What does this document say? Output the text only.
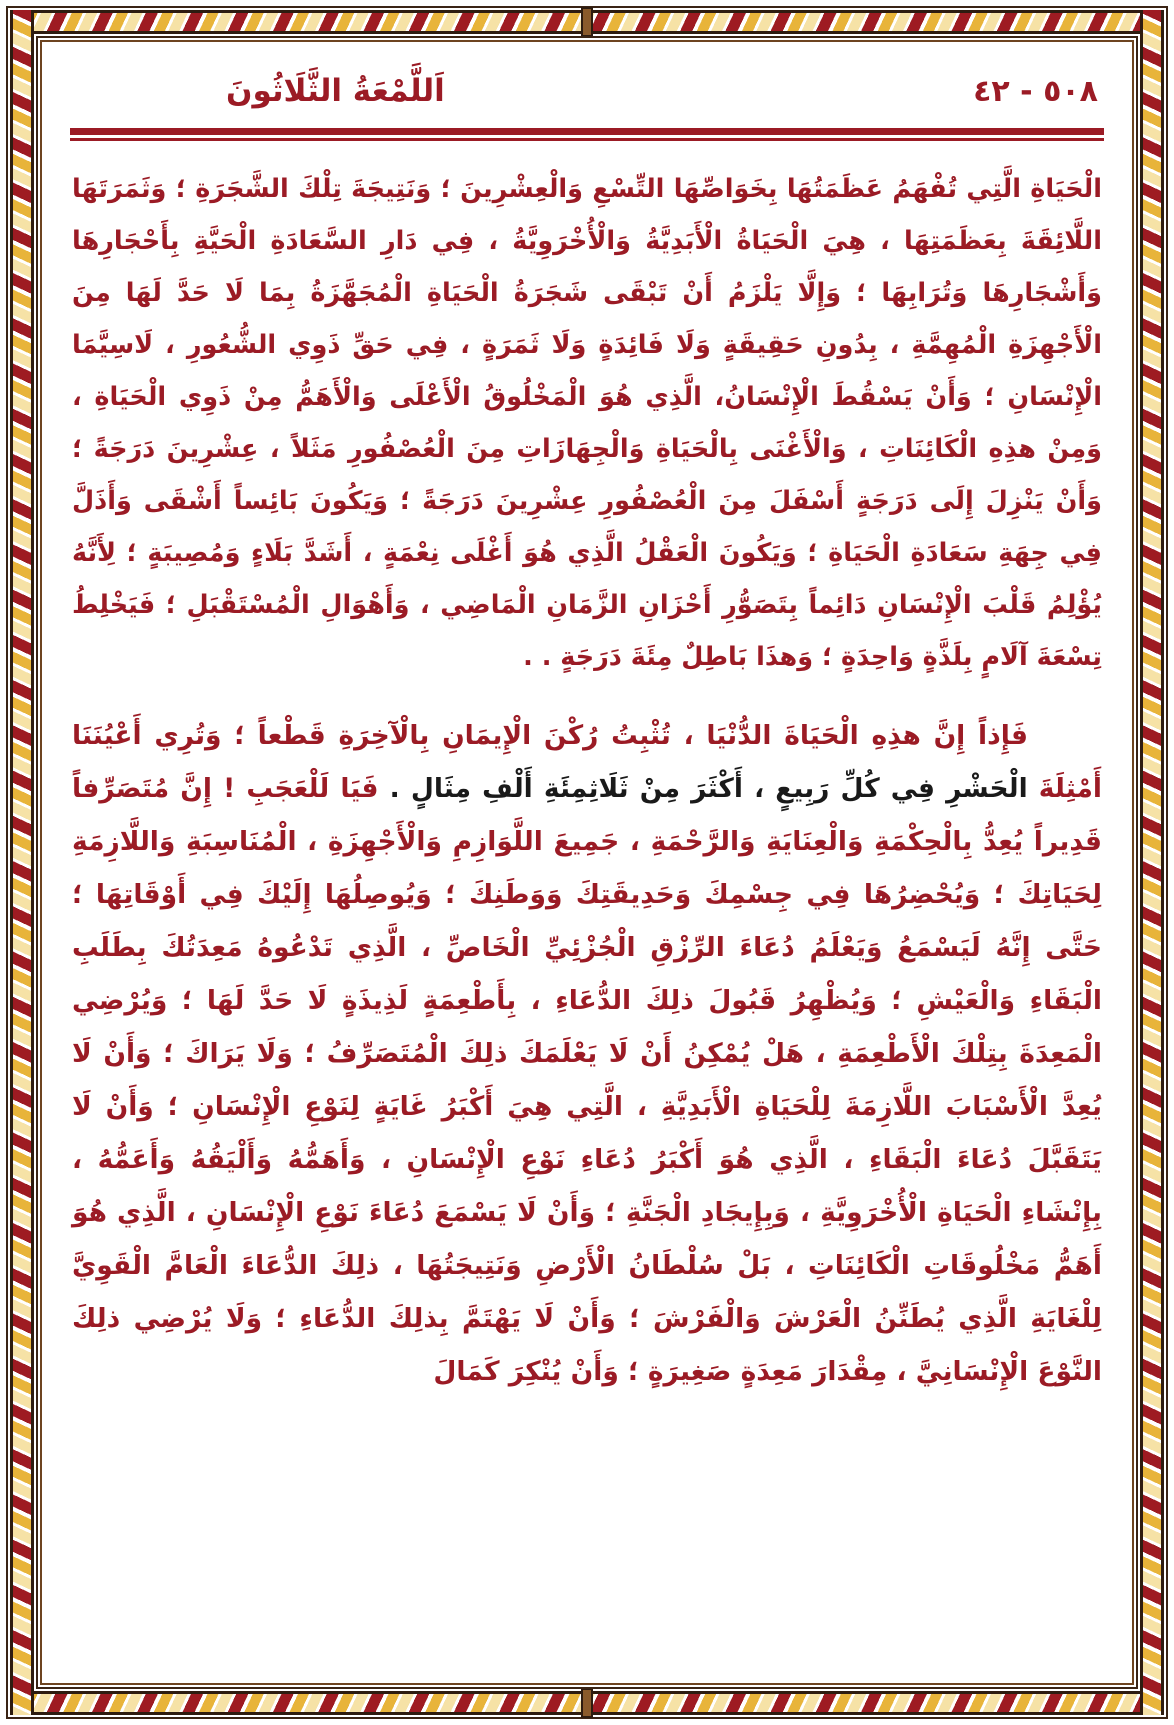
٥٠٨ - ٤٢
اَللَّمْعَةُ الثَّلَاثُونَ

الْحَيَاةِ الَّتِي تُفْهَمُ عَظَمَتُهَا بِخَوَاصِّهَا التِّسْعِ وَالْعِشْرِينَ ؛ وَنَتِيجَةَ تِلْكَ الشَّجَرَةِ ؛ وَثَمَرَتَهَا اللَّائِقَةَ بِعَظَمَتِهَا ، هِيَ الْحَيَاةُ الْأَبَدِيَّةُ وَالْأُخْرَوِيَّةُ ، فِي دَارِ السَّعَادَةِ الْحَيَّةِ بِأَحْجَارِهَا وَأَشْجَارِهَا وَتُرَابِهَا ؛ وَإِلَّا يَلْزَمُ أَنْ تَبْقَى شَجَرَةُ الْحَيَاةِ الْمُجَهَّزَةُ بِمَا لَا حَدَّ لَهَا مِنَ الْأَجْهِزَةِ الْمُهِمَّةِ ، بِدُونِ حَقِيقَةٍ وَلَا فَائِدَةٍ وَلَا ثَمَرَةٍ ، فِي حَقِّ ذَوِي الشُّعُورِ ، لَاسِيَّمَا الْإِنْسَانِ ؛ وَأَنْ يَسْقُطَ الْإِنْسَانُ، الَّذِي هُوَ الْمَخْلُوقُ الْأَعْلَى وَالْأَهَمُّ مِنْ ذَوِي الْحَيَاةِ ، وَمِنْ هذِهِ الْكَائِنَاتِ ، وَالْأَغْنَى بِالْحَيَاةِ وَالْجِهَازَاتِ مِنَ الْعُصْفُورِ مَثَلاً ، عِشْرِينَ دَرَجَةً ؛ وَأَنْ يَنْزِلَ إِلَى دَرَجَةٍ أَسْفَلَ مِنَ الْعُصْفُورِ عِشْرِينَ دَرَجَةً ؛ وَيَكُونَ بَائِساً أَشْقَى وَأَذَلَّ فِي جِهَةِ سَعَادَةِ الْحَيَاةِ ؛ وَيَكُونَ الْعَقْلُ الَّذِي هُوَ أَغْلَى نِعْمَةٍ ، أَشَدَّ بَلَاءٍ وَمُصِيبَةٍ ؛ لِأَنَّهُ يُؤْلِمُ قَلْبَ الْإِنْسَانِ دَائِماً بِتَصَوُّرِ أَحْزَانِ الزَّمَانِ الْمَاضِي ، وَأَهْوَالِ الْمُسْتَقْبَلِ ؛ فَيَخْلِطُ تِسْعَةَ آلَامٍ بِلَذَّةٍ وَاحِدَةٍ ؛ وَهذَا بَاطِلٌ مِئَةَ دَرَجَةٍ . .

فَإِذاً إِنَّ هذِهِ الْحَيَاةَ الدُّنْيَا ، تُثْبِتُ رُكْنَ الْإِيمَانِ بِالْآخِرَةِ قَطْعاً ؛ وَتُرِي أَعْيُنَنَا أَمْثِلَةَ الْحَشْرِ فِي كُلِّ رَبِيعٍ ، أَكْثَرَ مِنْ ثَلَاثِمِئَةِ أَلْفِ مِثَالٍ . فَيَا لَلْعَجَبِ ! إِنَّ مُتَصَرِّفاً قَدِيراً يُعِدُّ بِالْحِكْمَةِ وَالْعِنَايَةِ وَالرَّحْمَةِ ، جَمِيعَ اللَّوَازِمِ وَالْأَجْهِزَةِ ، الْمُنَاسِبَةِ وَاللَّازِمَةِ لِحَيَاتِكَ ؛ وَيُحْضِرُهَا فِي جِسْمِكَ وَحَدِيقَتِكَ وَوَطَنِكَ ؛ وَيُوصِلُهَا إِلَيْكَ فِي أَوْقَاتِهَا ؛ حَتَّى إِنَّهُ لَيَسْمَعُ وَيَعْلَمُ دُعَاءَ الرِّزْقِ الْجُزْئِيِّ الْخَاصِّ ، الَّذِي تَدْعُوهُ مَعِدَتُكَ بِطَلَبِ الْبَقَاءِ وَالْعَيْشِ ؛ وَيُظْهِرُ قَبُولَ ذلِكَ الدُّعَاءِ ، بِأَطْعِمَةٍ لَذِيذَةٍ لَا حَدَّ لَهَا ؛ وَيُرْضِي الْمَعِدَةَ بِتِلْكَ الْأَطْعِمَةِ ، هَلْ يُمْكِنُ أَنْ لَا يَعْلَمَكَ ذلِكَ الْمُتَصَرِّفُ ؛ وَلَا يَرَاكَ ؛ وَأَنْ لَا يُعِدَّ الْأَسْبَابَ اللَّازِمَةَ لِلْحَيَاةِ الْأَبَدِيَّةِ ، الَّتِي هِيَ أَكْبَرُ غَايَةٍ لِنَوْعِ الْإِنْسَانِ ؛ وَأَنْ لَا يَتَقَبَّلَ دُعَاءَ الْبَقَاءِ ، الَّذِي هُوَ أَكْبَرُ دُعَاءِ نَوْعِ الْإِنْسَانِ ، وَأَهَمُّهُ وَأَلْيَقُهُ وَأَعَمُّهُ ، بِإِنْشَاءِ الْحَيَاةِ الْأُخْرَوِيَّةِ ، وَبِإِيجَادِ الْجَنَّةِ ؛ وَأَنْ لَا يَسْمَعَ دُعَاءَ نَوْعِ الْإِنْسَانِ ، الَّذِي هُوَ أَهَمُّ مَخْلُوقَاتِ الْكَائِنَاتِ ، بَلْ سُلْطَانُ الْأَرْضِ وَنَتِيجَتُهَا ، ذلِكَ الدُّعَاءَ الْعَامَّ الْقَوِيَّ لِلْغَايَةِ الَّذِي يُطَنِّنُ الْعَرْشَ وَالْفَرْشَ ؛ وَأَنْ لَا يَهْتَمَّ بِذلِكَ الدُّعَاءِ ؛ وَلَا يُرْضِي ذلِكَ النَّوْعَ الْإِنْسَانِيَّ ، مِقْدَارَ مَعِدَةٍ صَغِيرَةٍ ؛ وَأَنْ يُنْكِرَ كَمَالَ
